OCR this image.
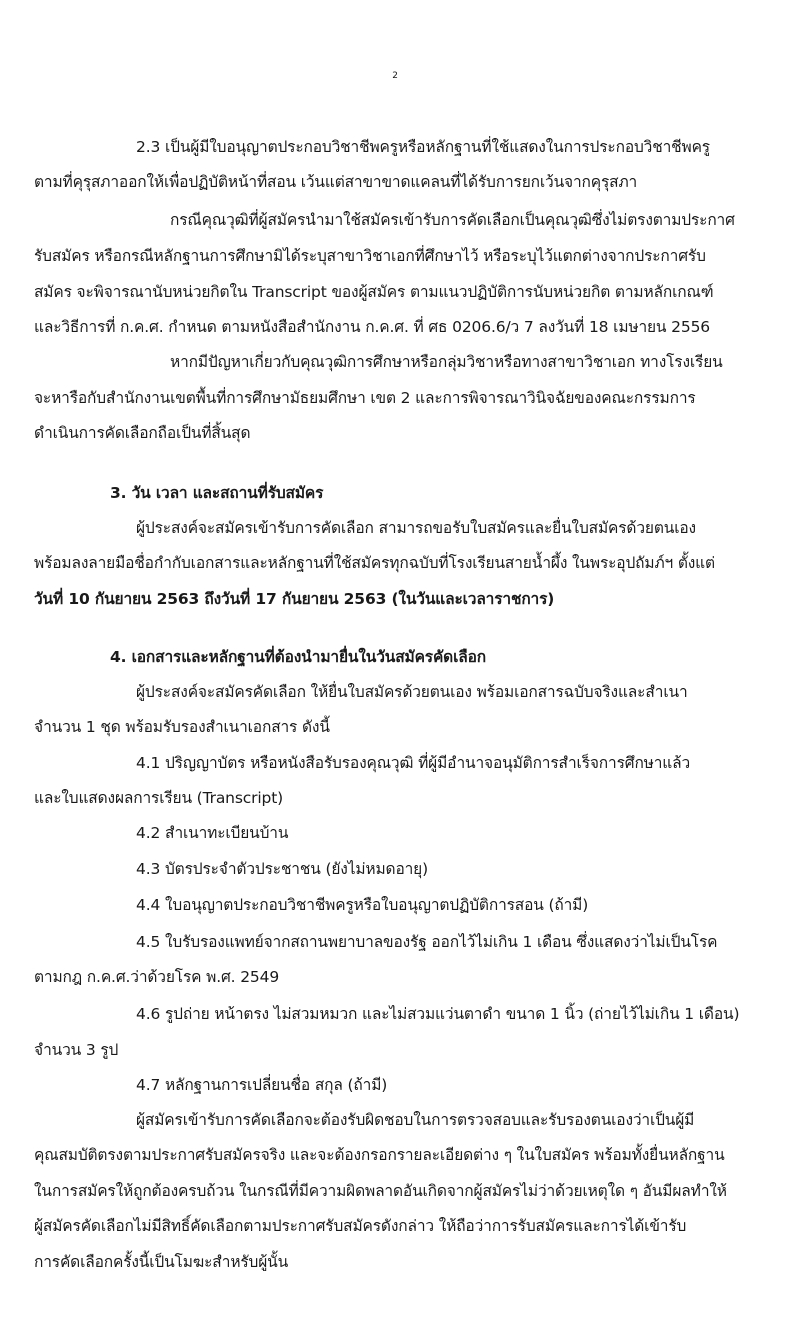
2
2.3 เป็นผู้มีใบอนุญาตประกอบวิชาชีพครูหรือหลักฐานที่ใช้แสดงในการประกอบวิชาชีพครู
ตามที่คุรุสภาออกให้เพื่อปฏิบัติหน้าที่สอน เว้นแต่สาขาขาดแคลนที่ได้รับการยกเว้นจากคุรุสภา
กรณีคุณวุฒิที่ผู้สมัครนำมาใช้สมัครเข้ารับการคัดเลือกเป็นคุณวุฒิซึ่งไม่ตรงตามประกาศ
รับสมัคร หรือกรณีหลักฐานการศึกษามิได้ระบุสาขาวิชาเอกที่ศึกษาไว้ หรือระบุไว้แตกต่างจากประกาศรับ
สมัคร จะพิจารณานับหน่วยกิตใน Transcript ของผู้สมัคร ตามแนวปฏิบัติการนับหน่วยกิต ตามหลักเกณฑ์
และวิธีการที่ ก.ค.ศ. กำหนด ตามหนังสือสำนักงาน ก.ค.ศ. ที่ ศธ 0206.6/ว 7 ลงวันที่ 18 เมษายน 2556
หากมีปัญหาเกี่ยวกับคุณวุฒิการศึกษาหรือกลุ่มวิชาหรือทางสาขาวิชาเอก ทางโรงเรียน
จะหารือกับสำนักงานเขตพื้นที่การศึกษามัธยมศึกษา เขต 2 และการพิจารณาวินิจฉัยของคณะกรรมการ
ดำเนินการคัดเลือกถือเป็นที่สิ้นสุด
3. วัน เวลา และสถานที่รับสมัคร
ผู้ประสงค์จะสมัครเข้ารับการคัดเลือก สามารถขอรับใบสมัครและยื่นใบสมัครด้วยตนเอง
พร้อมลงลายมือชื่อกำกับเอกสารและหลักฐานที่ใช้สมัครทุกฉบับที่โรงเรียนสายน้ำผึ้ง ในพระอุปถัมภ์ฯ ตั้งแต่
วันที่ 10 กันยายน 2563 ถึงวันที่ 17 กันยายน 2563 (ในวันและเวลาราชการ)
4. เอกสารและหลักฐานที่ต้องนำมายื่นในวันสมัครคัดเลือก
ผู้ประสงค์จะสมัครคัดเลือก ให้ยื่นใบสมัครด้วยตนเอง พร้อมเอกสารฉบับจริงและสำเนา
จำนวน 1 ชุด พร้อมรับรองสำเนาเอกสาร ดังนี้
4.1 ปริญญาบัตร หรือหนังสือรับรองคุณวุฒิ ที่ผู้มีอำนาจอนุมัติการสำเร็จการศึกษาแล้ว
และใบแสดงผลการเรียน (Transcript)
4.2 สำเนาทะเบียนบ้าน
4.3 บัตรประจำตัวประชาชน (ยังไม่หมดอายุ)
4.4 ใบอนุญาตประกอบวิชาชีพครูหรือใบอนุญาตปฏิบัติการสอน (ถ้ามี)
4.5 ใบรับรองแพทย์จากสถานพยาบาลของรัฐ ออกไว้ไม่เกิน 1 เดือน ซึ่งแสดงว่าไม่เป็นโรค
ตามกฎ ก.ค.ศ.ว่าด้วยโรค พ.ศ. 2549
4.6 รูปถ่าย หน้าตรง ไม่สวมหมวก และไม่สวมแว่นตาดำ ขนาด 1 นิ้ว (ถ่ายไว้ไม่เกิน 1 เดือน)
จำนวน 3 รูป
4.7 หลักฐานการเปลี่ยนชื่อ สกุล (ถ้ามี)
ผู้สมัครเข้ารับการคัดเลือกจะต้องรับผิดชอบในการตรวจสอบและรับรองตนเองว่าเป็นผู้มี
คุณสมบัติตรงตามประกาศรับสมัครจริง และจะต้องกรอกรายละเอียดต่าง ๆ ในใบสมัคร พร้อมทั้งยื่นหลักฐาน
ในการสมัครให้ถูกต้องครบถ้วน ในกรณีที่มีความผิดพลาดอันเกิดจากผู้สมัครไม่ว่าด้วยเหตุใด ๆ อันมีผลทำให้
ผู้สมัครคัดเลือกไม่มีสิทธิ์คัดเลือกตามประกาศรับสมัครดังกล่าว ให้ถือว่าการรับสมัครและการได้เข้ารับ
การคัดเลือกครั้งนี้เป็นโมฆะสำหรับผู้นั้น
